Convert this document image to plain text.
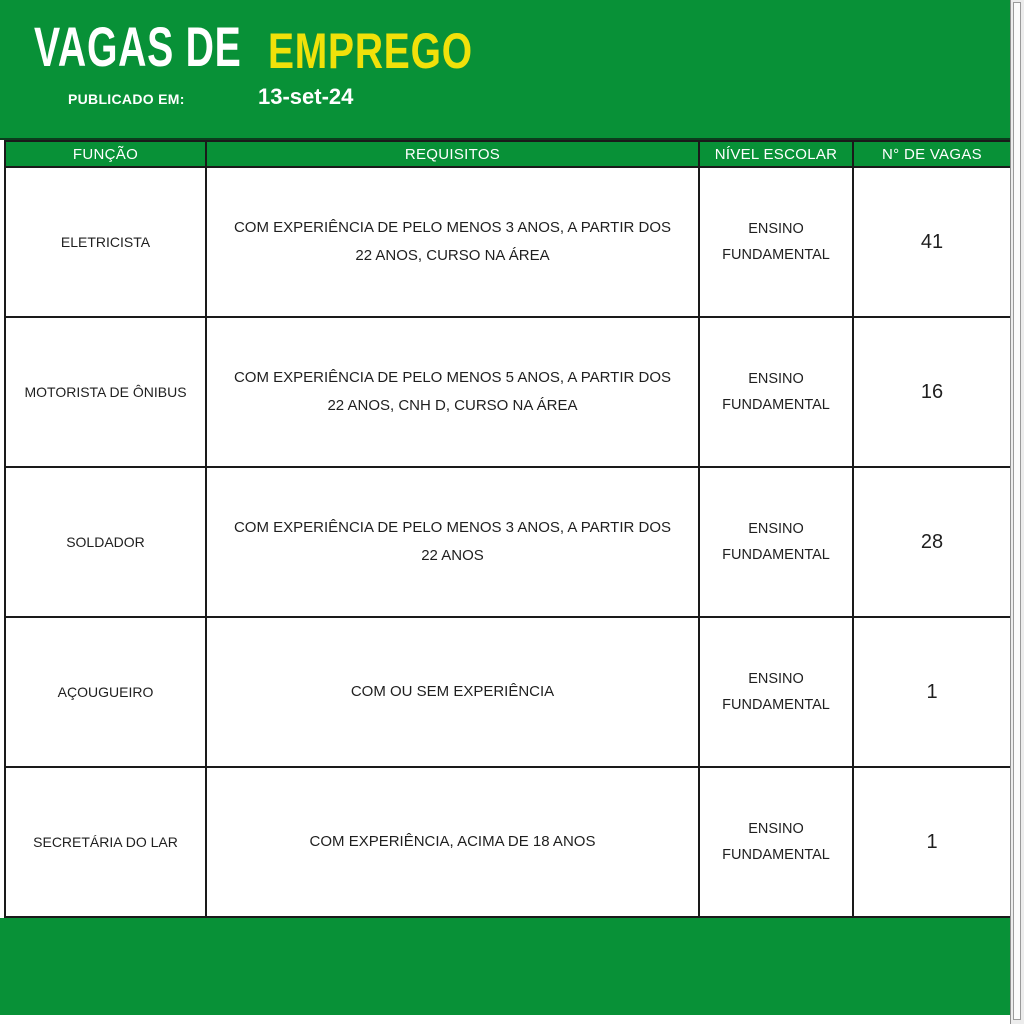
VAGAS DE EMPREGO
PUBLICADO EM:	13-set-24
FUNÇÃO	REQUISITOS	NÍVEL ESCOLAR	N° DE VAGAS
ELETRICISTA	COM EXPERIÊNCIA DE PELO MENOS 3 ANOS, A PARTIR DOS 22 ANOS, CURSO NA ÁREA	ENSINO FUNDAMENTAL	41
MOTORISTA DE ÔNIBUS	COM EXPERIÊNCIA DE PELO MENOS 5 ANOS, A PARTIR DOS 22 ANOS, CNH D, CURSO NA ÁREA	ENSINO FUNDAMENTAL	16
SOLDADOR	COM EXPERIÊNCIA DE PELO MENOS 3 ANOS, A PARTIR DOS 22 ANOS	ENSINO FUNDAMENTAL	28
AÇOUGUEIRO	COM OU SEM EXPERIÊNCIA	ENSINO FUNDAMENTAL	1
SECRETÁRIA DO LAR	COM EXPERIÊNCIA, ACIMA DE 18 ANOS	ENSINO FUNDAMENTAL	1
